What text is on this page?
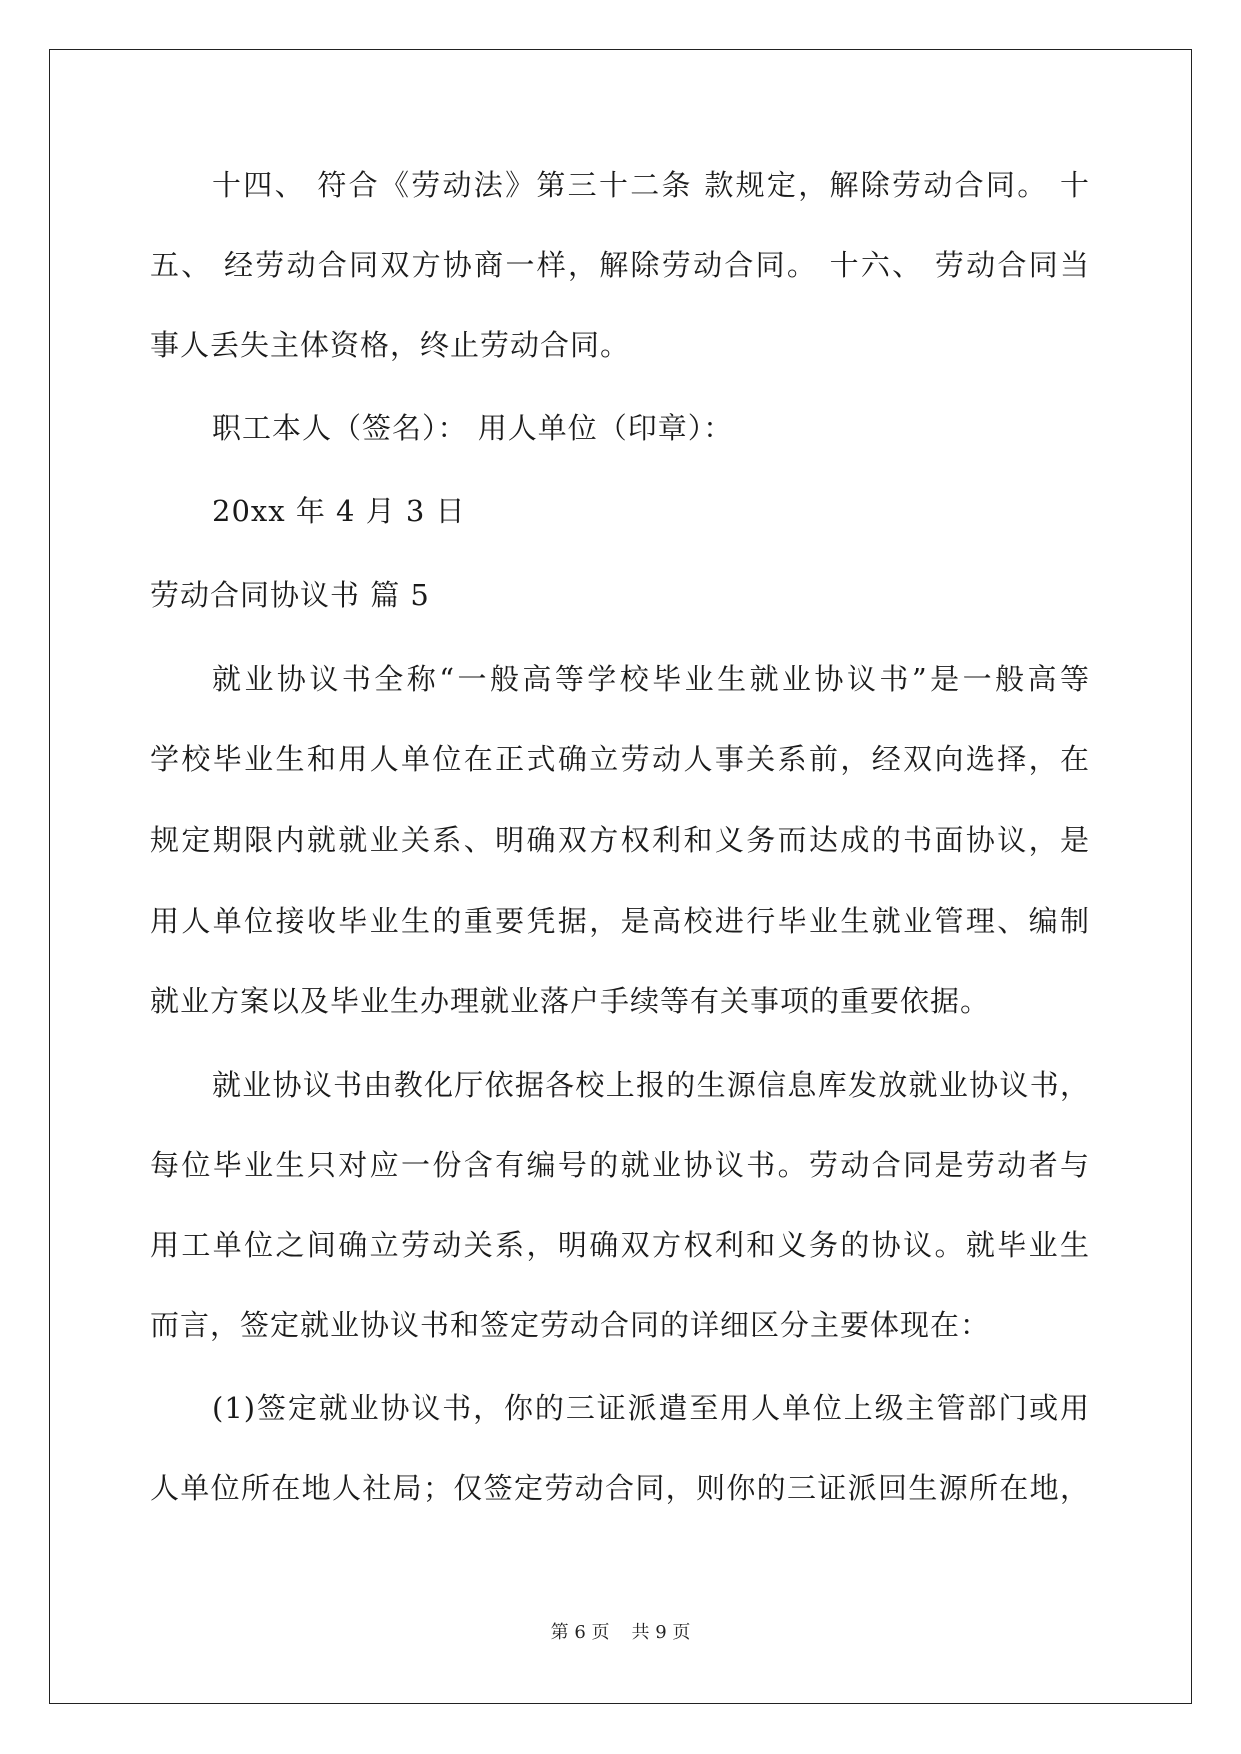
十四、 符合《劳动法》第三十二条 款规定，解除劳动合同。 十
五、 经劳动合同双方协商一样，解除劳动合同。 十六、 劳动合同当
事人丢失主体资格，终止劳动合同。
职工本人（签名）： 用人单位（印章）：
20xx 年 4 月 3 日
劳动合同协议书 篇 5
就业协议书全称“一般高等学校毕业生就业协议书”是一般高等
学校毕业生和用人单位在正式确立劳动人事关系前，经双向选择，在
规定期限内就就业关系、明确双方权利和义务而达成的书面协议，是
用人单位接收毕业生的重要凭据，是高校进行毕业生就业管理、编制
就业方案以及毕业生办理就业落户手续等有关事项的重要依据。
就业协议书由教化厅依据各校上报的生源信息库发放就业协议书，
每位毕业生只对应一份含有编号的就业协议书。劳动合同是劳动者与
用工单位之间确立劳动关系，明确双方权利和义务的协议。就毕业生
而言，签定就业协议书和签定劳动合同的详细区分主要体现在：
(1)签定就业协议书，你的三证派遣至用人单位上级主管部门或用
人单位所在地人社局；仅签定劳动合同，则你的三证派回生源所在地，
第 6 页 共 9 页
